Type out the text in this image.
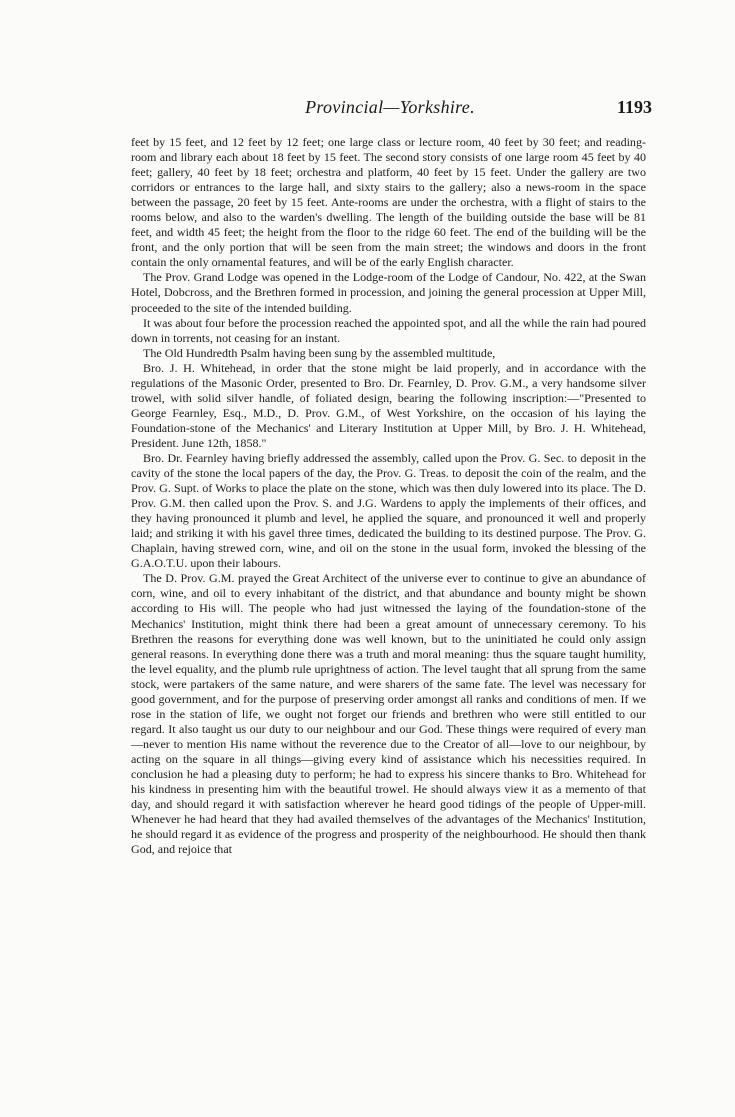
Provincial—Yorkshire.	1193

feet by 15 feet, and 12 feet by 12 feet; one large class or lecture room, 40 feet by 30 feet; and reading-room and library each about 18 feet by 15 feet. The second story consists of one large room 45 feet by 40 feet; gallery, 40 feet by 18 feet; orchestra and platform, 40 feet by 15 feet. Under the gallery are two corridors or entrances to the large hall, and sixty stairs to the gallery; also a news-room in the space between the passage, 20 feet by 15 feet. Ante-rooms are under the orchestra, with a flight of stairs to the rooms below, and also to the warden's dwelling. The length of the building outside the base will be 81 feet, and width 45 feet; the height from the floor to the ridge 60 feet. The end of the building will be the front, and the only portion that will be seen from the main street; the windows and doors in the front contain the only ornamental features, and will be of the early English character.

The Prov. Grand Lodge was opened in the Lodge-room of the Lodge of Candour, No. 422, at the Swan Hotel, Dobcross, and the Brethren formed in procession, and joining the general procession at Upper Mill, proceeded to the site of the intended building.

It was about four before the procession reached the appointed spot, and all the while the rain had poured down in torrents, not ceasing for an instant.

The Old Hundredth Psalm having been sung by the assembled multitude,

Bro. J. H. Whitehead, in order that the stone might be laid properly, and in accordance with the regulations of the Masonic Order, presented to Bro. Dr. Fearnley, D. Prov. G.M., a very handsome silver trowel, with solid silver handle, of foliated design, bearing the following inscription:—"Presented to George Fearnley, Esq., M.D., D. Prov. G.M., of West Yorkshire, on the occasion of his laying the Foundation-stone of the Mechanics' and Literary Institution at Upper Mill, by Bro. J. H. Whitehead, President. June 12th, 1858."

Bro. Dr. Fearnley having briefly addressed the assembly, called upon the Prov. G. Sec. to deposit in the cavity of the stone the local papers of the day, the Prov. G. Treas. to deposit the coin of the realm, and the Prov. G. Supt. of Works to place the plate on the stone, which was then duly lowered into its place. The D. Prov. G.M. then called upon the Prov. S. and J.G. Wardens to apply the implements of their offices, and they having pronounced it plumb and level, he applied the square, and pronounced it well and properly laid; and striking it with his gavel three times, dedicated the building to its destined purpose. The Prov. G. Chaplain, having strewed corn, wine, and oil on the stone in the usual form, invoked the blessing of the G.A.O.T.U. upon their labours.

The D. Prov. G.M. prayed the Great Architect of the universe ever to continue to give an abundance of corn, wine, and oil to every inhabitant of the district, and that abundance and bounty might be shown according to His will. The people who had just witnessed the laying of the foundation-stone of the Mechanics' Institution, might think there had been a great amount of unnecessary ceremony. To his Brethren the reasons for everything done was well known, but to the uninitiated he could only assign general reasons. In everything done there was a truth and moral meaning: thus the square taught humility, the level equality, and the plumb rule uprightness of action. The level taught that all sprung from the same stock, were partakers of the same nature, and were sharers of the same fate. The level was necessary for good government, and for the purpose of preserving order amongst all ranks and conditions of men. If we rose in the station of life, we ought not forget our friends and brethren who were still entitled to our regard. It also taught us our duty to our neighbour and our God. These things were required of every man—never to mention His name without the reverence due to the Creator of all—love to our neighbour, by acting on the square in all things—giving every kind of assistance which his necessities required. In conclusion he had a pleasing duty to perform; he had to express his sincere thanks to Bro. Whitehead for his kindness in presenting him with the beautiful trowel. He should always view it as a memento of that day, and should regard it with satisfaction wherever he heard good tidings of the people of Upper-mill. Whenever he had heard that they had availed themselves of the advantages of the Mechanics' Institution, he should regard it as evidence of the progress and prosperity of the neighbourhood. He should then thank God, and rejoice that
